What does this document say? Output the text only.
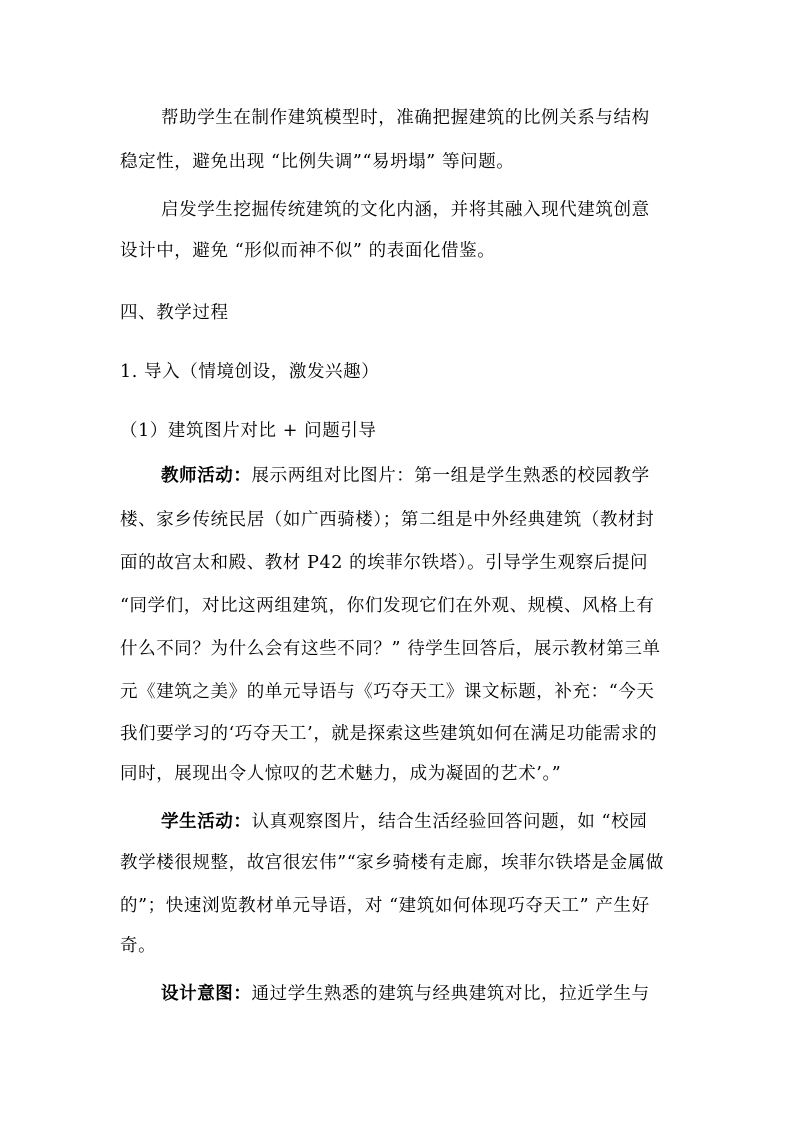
帮助学生在制作建筑模型时，准确把握建筑的比例关系与结构
稳定性，避免出现 “比例失调”“易坍塌” 等问题。
启发学生挖掘传统建筑的文化内涵，并将其融入现代建筑创意
设计中，避免 “形似而神不似” 的表面化借鉴。
四、教学过程
1. 导入（情境创设，激发兴趣）
（1）建筑图片对比 + 问题引导
教师活动：展示两组对比图片：第一组是学生熟悉的校园教学
楼、家乡传统民居（如广西骑楼）；第二组是中外经典建筑（教材封
面的故宫太和殿、教材 P42 的埃菲尔铁塔）。引导学生观察后提问
“同学们，对比这两组建筑，你们发现它们在外观、规模、风格上有
什么不同？为什么会有这些不同？” 待学生回答后，展示教材第三单
元《建筑之美》的单元导语与《巧夺天工》课文标题，补充：“今天
我们要学习的‘巧夺天工’，就是探索这些建筑如何在满足功能需求的
同时，展现出令人惊叹的艺术魅力，成为凝固的艺术’。”
学生活动：认真观察图片，结合生活经验回答问题，如 “校园
教学楼很规整，故宫很宏伟”“家乡骑楼有走廊，埃菲尔铁塔是金属做
的”；快速浏览教材单元导语，对 “建筑如何体现巧夺天工” 产生好
奇。
设计意图：通过学生熟悉的建筑与经典建筑对比，拉近学生与
